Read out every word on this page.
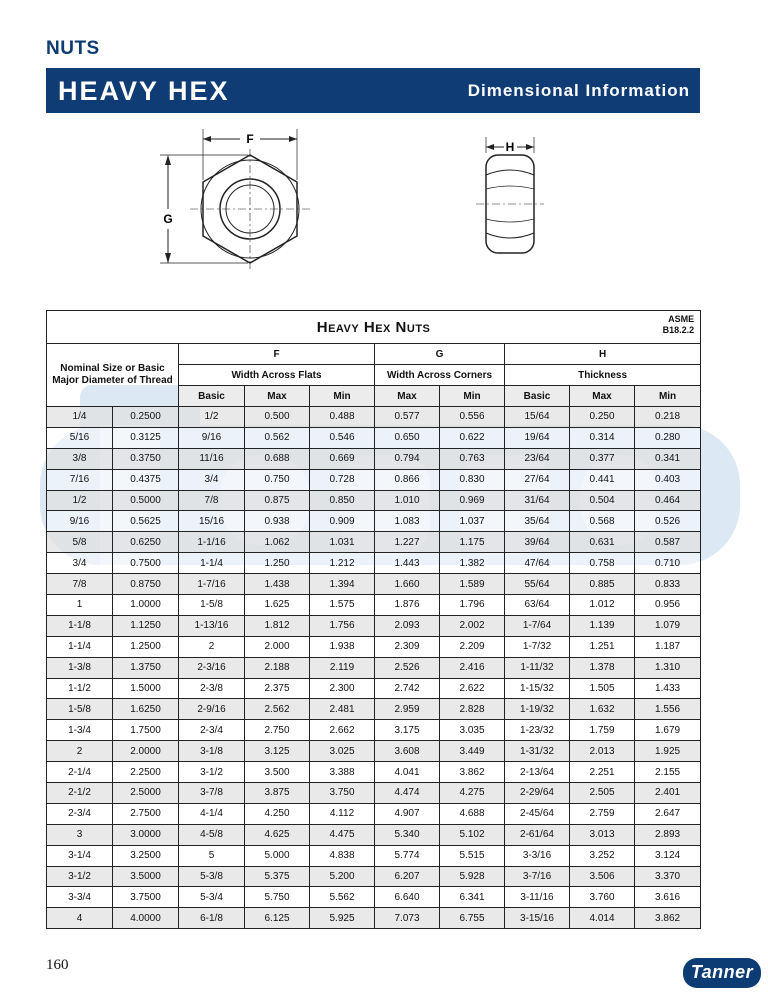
NUTS
HEAVY HEX	Dimensional Information
F
G
H
Heavy Hex Nuts ASME
B18.2.2									

Nominal Size or Basic
Major Diameter of Thread		F			G		H		
		Width Across Flats			Width Across Corners		Thickness		
		Basic	Max	Min	Max	Min	Basic	Max	Min
1/4	0.2500	1/2	0.500	0.488	0.577	0.556	15/64	0.250	0.218
5/16	0.3125	9/16	0.562	0.546	0.650	0.622	19/64	0.314	0.280
3/8	0.3750	11/16	0.688	0.669	0.794	0.763	23/64	0.377	0.341
7/16	0.4375	3/4	0.750	0.728	0.866	0.830	27/64	0.441	0.403
1/2	0.5000	7/8	0.875	0.850	1.010	0.969	31/64	0.504	0.464
9/16	0.5625	15/16	0.938	0.909	1.083	1.037	35/64	0.568	0.526
5/8	0.6250	1-1/16	1.062	1.031	1.227	1.175	39/64	0.631	0.587
3/4	0.7500	1-1/4	1.250	1.212	1.443	1.382	47/64	0.758	0.710
7/8	0.8750	1-7/16	1.438	1.394	1.660	1.589	55/64	0.885	0.833
1	1.0000	1-5/8	1.625	1.575	1.876	1.796	63/64	1.012	0.956
1-1/8	1.1250	1-13/16	1.812	1.756	2.093	2.002	1-7/64	1.139	1.079
1-1/4	1.2500	2	2.000	1.938	2.309	2.209	1-7/32	1.251	1.187
1-3/8	1.3750	2-3/16	2.188	2.119	2.526	2.416	1-11/32	1.378	1.310
1-1/2	1.5000	2-3/8	2.375	2.300	2.742	2.622	1-15/32	1.505	1.433
1-5/8	1.6250	2-9/16	2.562	2.481	2.959	2.828	1-19/32	1.632	1.556
1-3/4	1.7500	2-3/4	2.750	2.662	3.175	3.035	1-23/32	1.759	1.679
2	2.0000	3-1/8	3.125	3.025	3.608	3.449	1-31/32	2.013	1.925
2-1/4	2.2500	3-1/2	3.500	3.388	4.041	3.862	2-13/64	2.251	2.155
2-1/2	2.5000	3-7/8	3.875	3.750	4.474	4.275	2-29/64	2.505	2.401
2-3/4	2.7500	4-1/4	4.250	4.112	4.907	4.688	2-45/64	2.759	2.647
3	3.0000	4-5/8	4.625	4.475	5.340	5.102	2-61/64	3.013	2.893
3-1/4	3.2500	5	5.000	4.838	5.774	5.515	3-3/16	3.252	3.124
3-1/2	3.5000	5-3/8	5.375	5.200	6.207	5.928	3-7/16	3.506	3.370
3-3/4	3.7500	5-3/4	5.750	5.562	6.640	6.341	3-11/16	3.760	3.616
4	4.0000	6-1/8	6.125	5.925	7.073	6.755	3-15/16	4.014	3.862
160	Tanner
